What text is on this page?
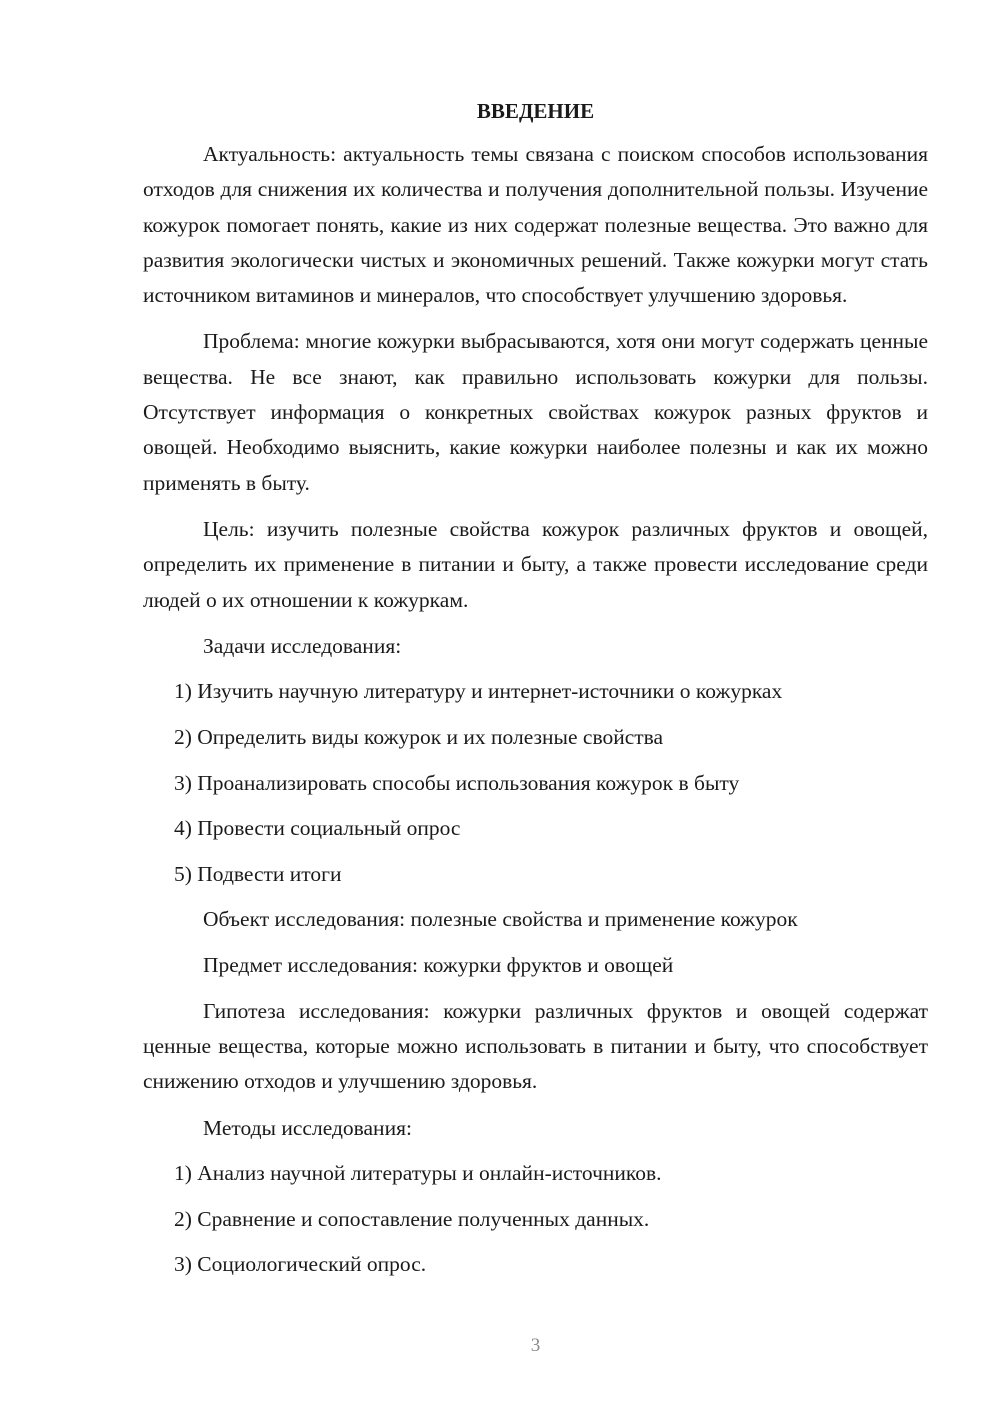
ВВЕДЕНИЕ

Актуальность: актуальность темы связана с поиском способов использования отходов для снижения их количества и получения дополнительной пользы. Изучение кожурок помогает понять, какие из них содержат полезные вещества. Это важно для развития экологически чистых и экономичных решений. Также кожурки могут стать источником витаминов и минералов, что способствует улучшению здоровья.

Проблема: многие кожурки выбрасываются, хотя они могут содержать ценные вещества. Не все знают, как правильно использовать кожурки для пользы. Отсутствует информация о конкретных свойствах кожурок разных фруктов и овощей. Необходимо выяснить, какие кожурки наиболее полезны и как их можно применять в быту.

Цель: изучить полезные свойства кожурок различных фруктов и овощей, определить их применение в питании и быту, а также провести исследование среди людей о их отношении к кожуркам.

Задачи исследования:
1) Изучить научную литературу и интернет-источники о кожурках
2) Определить виды кожурок и их полезные свойства
3) Проанализировать способы использования кожурок в быту
4) Провести социальный опрос
5) Подвести итоги
Объект исследования: полезные свойства и применение кожурок
Предмет исследования: кожурки фруктов и овощей

Гипотеза исследования: кожурки различных фруктов и овощей содержат ценные вещества, которые можно использовать в питании и быту, что способствует снижению отходов и улучшению здоровья.

Методы исследования:
1) Анализ научной литературы и онлайн-источников.
2) Сравнение и сопоставление полученных данных.
3) Социологический опрос.
3
